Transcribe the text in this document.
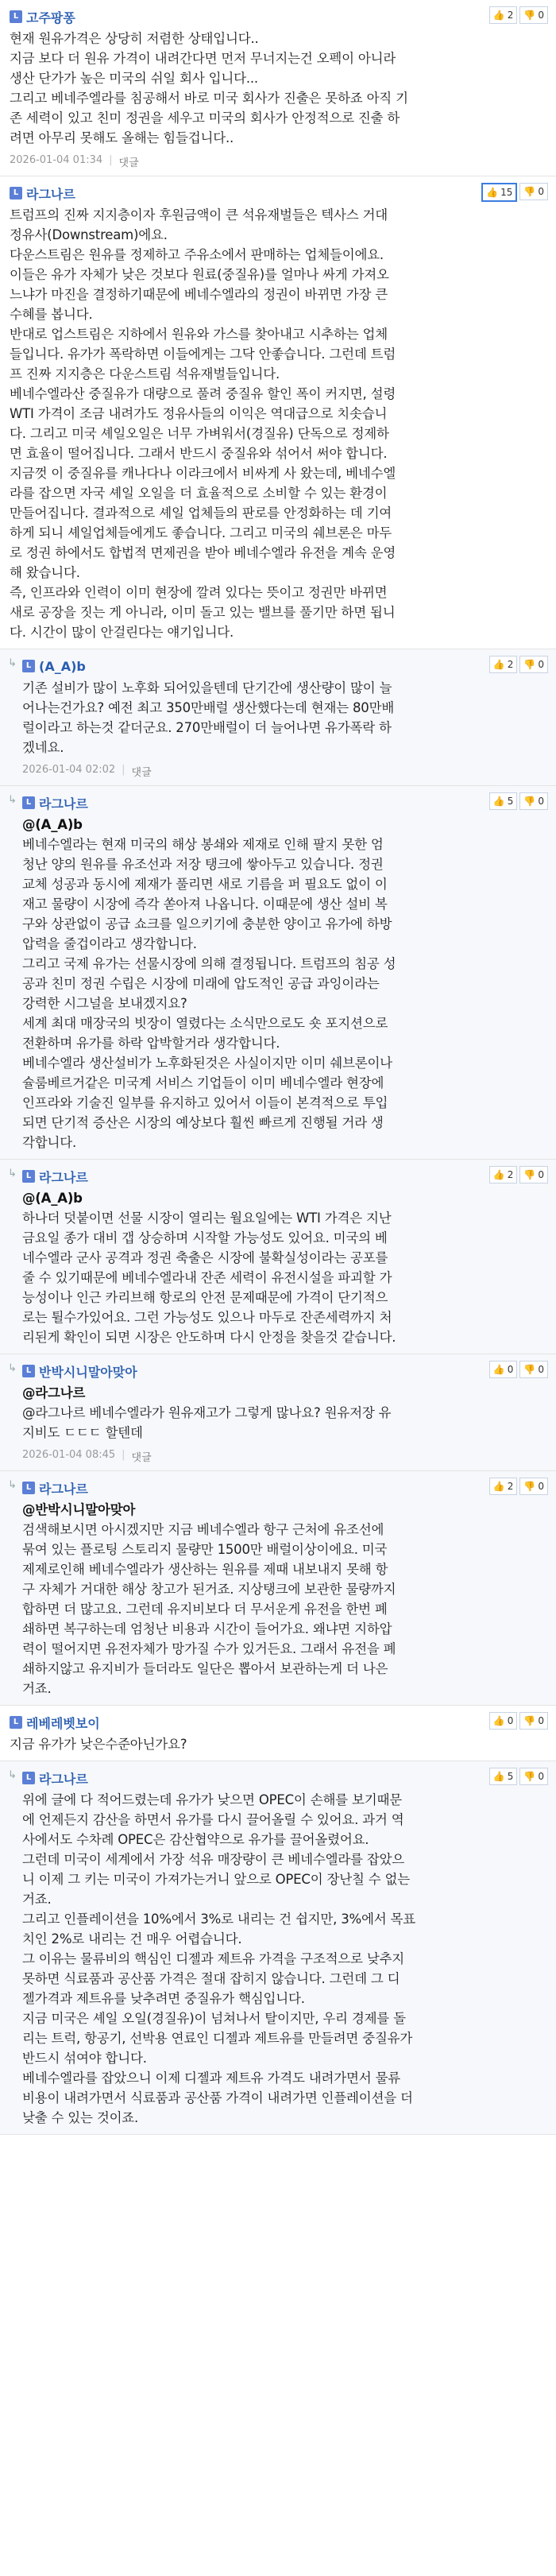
L 고주팡퐁	👍 2 👎 0

현재 원유가격은 상당히 저렴한 상태입니다..

지금 보다 더 원유 가격이 내려간다면 먼저 무너지는건 오펙이 아니라

생산 단가가 높은 미국의 쉬일 회사 입니다...

그리고 베네주엘라를 침공해서 바로 미국 회사가 진출은 못하죠 아직 기

존 세력이 있고 친미 정권을 세우고 미국의 회사가 안정적으로 진출 하

려면 아무리 못해도 올해는 힘들겁니다..

2026-01-04 01:34 | 댓글
L 라그나르	👍 15 👎 0

트럼프의 진짜 지지층이자 후원금액이 큰 석유재벌들은 텍사스 거대

정유사(Downstream)에요.

다운스트림은 원유를 정제하고 주유소에서 판매하는 업체들이에요.

이들은 유가 자체가 낮은 것보다 원료(중질유)를 얼마나 싸게 가져오

느냐가 마진을 결정하기때문에 베네수엘라의 정권이 바뀌면 가장 큰

수혜를 봅니다.

반대로 업스트림은 지하에서 원유와 가스를 찾아내고 시추하는 업체

들입니다. 유가가 폭락하면 이들에게는 그닥 안좋습니다. 그런데 트럼

프 진짜 지지층은 다운스트림 석유재벌들입니다.

베네수엘라산 중질유가 대량으로 풀려 중질유 할인 폭이 커지면, 설령

WTI 가격이 조금 내려가도 정유사들의 이익은 역대급으로 치솟습니

다. 그리고 미국 셰일오일은 너무 가벼워서(경질유) 단독으로 정제하

면 효율이 떨어집니다. 그래서 반드시 중질유와 섞어서 써야 합니다.

지금껏 이 중질유를 캐나다나 이라크에서 비싸게 사 왔는데, 베네수엘

라를 잡으면 자국 셰일 오일을 더 효율적으로 소비할 수 있는 환경이

만들어집니다. 결과적으로 셰일 업체들의 판로를 안정화하는 데 기여

하게 되니 셰일업체들에게도 좋습니다. 그리고 미국의 쉐브론은 마두

로 정권 하에서도 합법적 면제권을 받아 베네수엘라 유전을 계속 운영

해 왔습니다.

즉, 인프라와 인력이 이미 현장에 깔려 있다는 뜻이고 정권만 바뀌면

새로 공장을 짓는 게 아니라, 이미 돌고 있는 밸브를 풀기만 하면 됩니

다. 시간이 많이 안걸린다는 얘기입니다.

↳	L (A_A)b	👍 2 👎 0

기존 설비가 많이 노후화 되어있을텐데 단기간에 생산량이 많이 늘

어나는건가요? 예전 최고 350만배럴 생산했다는데 현재는 80만배

럴이라고 하는것 같더군요. 270만배럴이 더 늘어나면 유가폭락 하

겠네요.

2026-01-04 02:02 | 댓글
↳	L 라그나르	👍 5 👎 0

@(A_A)b

베네수엘라는 현재 미국의 해상 봉쇄와 제재로 인해 팔지 못한 엄

청난 양의 원유를 유조선과 저장 탱크에 쌓아두고 있습니다. 정권

교체 성공과 동시에 제재가 풀리면 새로 기름을 퍼 필요도 없이 이

재고 물량이 시장에 즉각 쏟아져 나옵니다. 이때문에 생산 설비 복

구와 상관없이 공급 쇼크를 일으키기에 충분한 양이고 유가에 하방

압력을 줄겁이라고 생각합니다.

그리고 국제 유가는 선물시장에 의해 결정됩니다. 트럼프의 침공 성

공과 친미 정권 수립은 시장에 미래에 압도적인 공급 과잉이라는

강력한 시그널을 보내겠지요?

세계 최대 매장국의 빗장이 열렸다는 소식만으로도 숏 포지션으로

전환하며 유가를 하락 압박할거라 생각합니다.

베네수엘라 생산설비가 노후화된것은 사실이지만 이미 쉐브론이나

슐룸베르거같은 미국계 서비스 기업들이 이미 베네수엘라 현장에

인프라와 기술진 일부를 유지하고 있어서 이들이 본격적으로 투입

되면 단기적 증산은 시장의 예상보다 훨씬 빠르게 진행될 거라 생

각합니다.

↳	L 라그나르	👍 2 👎 0

@(A_A)b

하나더 덧붙이면 선물 시장이 열리는 월요일에는 WTI 가격은 지난

금요일 종가 대비 갭 상승하며 시작할 가능성도 있어요. 미국의 베

네수엘라 군사 공격과 정권 축출은 시장에 불확실성이라는 공포를

줄 수 있기때문에 베네수엘라내 잔존 세력이 유전시설을 파괴할 가

능성이나 인근 카리브해 항로의 안전 문제때문에 가격이 단기적으

로는 튈수가있어요. 그런 가능성도 있으나 마두로 잔존세력까지 처

리된게 확인이 되면 시장은 안도하며 다시 안정을 찾을것 같습니다.

↳	L 반박시니말아맞아	👍 0 👎 0

@라그나르

@라그나르 베네수엘라가 원유재고가 그렇게 많나요? 원유저장 유

지비도 ㄷㄷㄷ 할텐데

2026-01-04 08:45 | 댓글
↳	L 라그나르	👍 2 👎 0

@반박시니말아맞아

검색해보시면 아시겠지만 지금 베네수엘라 항구 근처에 유조선에

묶여 있는 플로팅 스토리지 물량만 1500만 배럴이상이에요. 미국

제제로인해 베네수엘라가 생산하는 원유를 제때 내보내지 못해 항

구 자체가 거대한 해상 창고가 된거죠. 지상탱크에 보관한 물량까지

합하면 더 많고요. 그런데 유지비보다 더 무서운게 유전을 한번 폐

쇄하면 복구하는데 엄청난 비용과 시간이 들어가요. 왜냐면 지하압

력이 떨어지면 유전자체가 망가질 수가 있거든요. 그래서 유전을 폐

쇄하지않고 유지비가 들더라도 일단은 뽑아서 보관하는게 더 나은

거죠.

L 레베레벳보이	👍 0 👎 0

지금 유가가 낮은수준아닌가요?

↳	L 라그나르	👍 5 👎 0

위에 글에 다 적어드렸는데 유가가 낮으면 OPEC이 손해를 보기때문

에 언제든지 감산을 하면서 유가를 다시 끌어올릴 수 있어요. 과거 역

사에서도 수차례 OPEC은 감산협약으로 유가를 끌어올렸어요.

그런데 미국이 세계에서 가장 석유 매장량이 큰 베네수엘라를 잡았으

니 이제 그 키는 미국이 가져가는거니 앞으로 OPEC이 장난칠 수 없는

거죠.

그리고 인플레이션을 10%에서 3%로 내리는 건 쉽지만, 3%에서 목표

치인 2%로 내리는 건 매우 어렵습니다.

그 이유는 물류비의 핵심인 디젤과 제트유 가격을 구조적으로 낮추지

못하면 식료품과 공산품 가격은 절대 잡히지 않습니다. 그런데 그 디

젤가격과 제트유를 낮추려면 중질유가 핵심입니다.

지금 미국은 셰일 오일(경질유)이 넘쳐나서 탈이지만, 우리 경제를 돌

리는 트럭, 항공기, 선박용 연료인 디젤과 제트유를 만들려면 중질유가

반드시 섞여야 합니다.

베네수엘라를 잡았으니 이제 디젤과 제트유 가격도 내려가면서 물류

비용이 내려가면서 식료품과 공산품 가격이 내려가면 인플레이션을 더

낮출 수 있는 것이죠.
